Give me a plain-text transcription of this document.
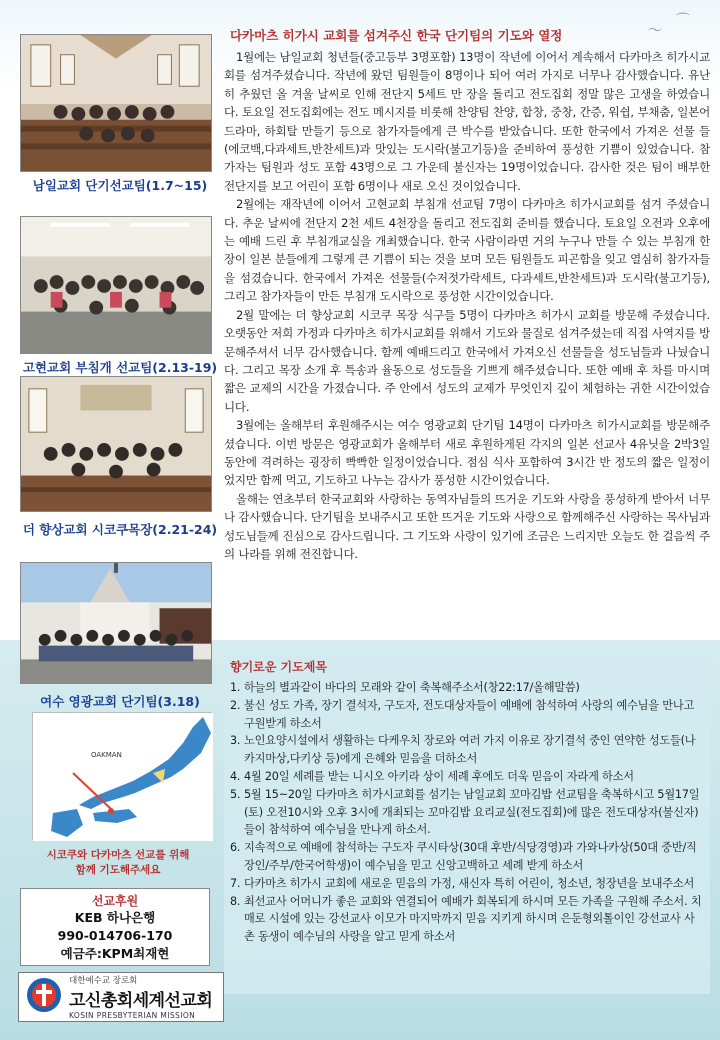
〜
⌒
남일교회 단기선교팀(1.7~15)
고현교회 부침개 선교팀(2.13-19)
더 향상교회 시코쿠목장(2.21-24)
여수 영광교회 단기팀(3.18)
다카마츠 히가시 교회를 섬겨주신 한국 단기팀의 기도와 열정

1월에는 남일교회 청년들(중고등부 3명포함) 13명이 작년에 이어서 계속해서 다카마츠 히가시교회를 섬겨주셨습니다. 작년에 왔던 팀원들이 8명이나 되어 여러 가지로 너무나 감사했습니다. 유난히 추웠던 올 겨울 날씨로 인해 전단지 5세트 만 장을 돌리고 전도집회 정말 많은 고생을 하였습니다. 토요일 전도집회에는 전도 메시지를 비롯해 찬양팀 찬양, 합창, 중창, 간증, 워쉽, 부채춤, 일본어 드라마, 하회탈 만들기 등으로 참가자들에게 큰 박수를 받았습니다. 또한 한국에서 가져온 선물 들(에코백,다과세트,반찬세트)과 맛있는 도시락(불고기등)을 준비하여 풍성한 기쁨이 있었습니다. 참가자는 팀원과 성도 포함 43명으로 그 가운데 불신자는 19명이었습니다. 감사한 것은 팀이 배부한 전단지를 보고 어린이 포함 6명이나 새로 오신 것이었습니다.

2월에는 재작년에 이어서 고현교회 부침개 선교팀 7명이 다카마츠 히가시교회를 섬겨 주셨습니다. 추운 날씨에 전단지 2천 세트 4천장을 돌리고 전도집회 준비를 했습니다. 토요일 오전과 오후에는 예배 드린 후 부침개교실을 개최했습니다. 한국 사람이라면 거의 누구나 만들 수 있는 부침개 한 장이 일본 분들에게 그렇게 큰 기쁨이 되는 것을 보며 모든 팀원들도 피곤함을 잊고 열심히 참가자들을 섬겼습니다. 한국에서 가져온 선물들(수저젓가락세트, 다과세트,반찬세트)과 도시락(불고기등), 그리고 참가자들이 만든 부침개 도시락으로 풍성한 시간이었습니다.

2월 말에는 더 향상교회 시코쿠 목장 식구들 5명이 다카마츠 히가시 교회를 방문해 주셨습니다. 오랫동안 저희 가정과 다카마츠 히가시교회를 위해서 기도와 물질로 섬겨주셨는데 직접 사역지를 방문해주셔서 너무 감사했습니다. 함께 예배드리고 한국에서 가져오신 선물들을 성도님들과 나눴습니다. 그리고 목장 소개 후 특송과 율동으로 성도들을 기쁘게 해주셨습니다. 또한 예배 후 차를 마시며 짧은 교제의 시간을 가졌습니다. 주 안에서 성도의 교제가 무엇인지 깊이 체험하는 귀한 시간이었습니다.

3월에는 올해부터 후원해주시는 여수 영광교회 단기팀 14명이 다카마츠 히가시교회를 방문해주셨습니다. 이번 방문은 영광교회가 올해부터 새로 후원하게된 각지의 일본 선교사 4유닛을 2박3일 동안에 격려하는 굉장히 빡빡한 일정이었습니다. 점심 식사 포함하여 3시간 반 정도의 짧은 일정이었지만 함께 먹고, 기도하고 나누는 감사가 풍성한 시간이었습니다.

올해는 연초부터 한국교회와 사랑하는 동역자님들의 뜨거운 기도와 사랑을 풍성하게 받아서 너무나 감사했습니다. 단기팀을 보내주시고 또한 뜨거운 기도와 사랑으로 함께해주신 사랑하는 목사님과 성도님들께 진심으로 감사드립니다. 그 기도와 사랑이 있기에 조금은 느리지만 오늘도 한 걸음씩 주의 나라를 위해 전진합니다.

향기로운 기도제목
1. 하늘의 별과같이 바다의 모래와 같이 축복해주소서(창22:17/올해말씀)
2. 불신 성도 가족, 장기 결석자, 구도자, 전도대상자들이 예배에 참석하여 사랑의 예수님을 만나고 구원받게 하소서
3. 노인요양시설에서 생활하는 다케우치 장로와 여러 가지 이유로 장기결석 중인 연약한 성도들(나카지마상,다키상 등)에게 은혜와 믿음을 더하소서
4. 4월 20일 세례를 받는 니시오 아키라 상이 세례 후에도 더욱 믿음이 자라게 하소서
5. 5월 15~20일 다카마츠 히가시교회를 섬기는 남일교회 꼬마김밥 선교팀을 축복하시고 5월17일(토) 오전10시와 오후 3시에 개최되는 꼬마김밥 요리교실(전도집회)에 많은 전도대상자(불신자)들이 참석하여 예수님을 만나게 하소서.
6. 지속적으로 예배에 참석하는 구도자 쿠시타상(30대 후반/식당경영)과 가와나카상(50대 중반/직장인/주부/한국어학생)이 예수님을 믿고 신앙고백하고 세례 받게 하소서
7. 다카마츠 히가시 교회에 새로운 믿음의 가정, 새신자 특히 어린이, 청소년, 청장년을 보내주소서
8. 최선교사 어머니가 좋은 교회와 연결되어 예배가 회복되게 하시며 모든 가족을 구원해 주소서. 치매로 시설에 있는 강선교사 이모가 마지막까지 믿음 지키게 하시며 은둔형외톨이인 강선교사 사촌 동생이 예수님의 사랑을 알고 믿게 하소서
OAKMAN
시코쿠와 다카마츠 선교를 위해
함께 기도해주세요
선교후원
KEB 하나은행
990-014706-170
예금주:KPM최재현
대한예수교 장로회
고신총회세계선교회
KOSIN PRESBYTERIAN MISSION
